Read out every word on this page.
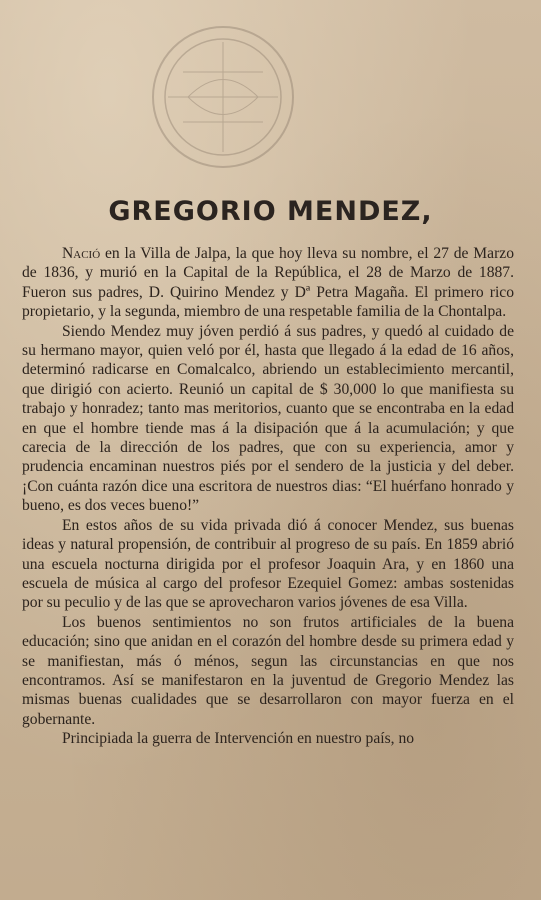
GREGORIO MENDEZ,

Nació en la Villa de Jalpa, la que hoy lleva su nombre, el 27 de Marzo de 1836, y murió en la Capital de la República, el 28 de Marzo de 1887. Fueron sus padres, D. Quirino Mendez y Dª Petra Magaña. El primero rico propietario, y la segunda, miembro de una respetable familia de la Chontalpa.

Siendo Mendez muy jóven perdió á sus padres, y quedó al cuidado de su hermano mayor, quien veló por él, hasta que llegado á la edad de 16 años, determinó radicarse en Comalcalco, abriendo un establecimiento mercantil, que dirigió con acierto. Reunió un capital de $ 30,000 lo que manifiesta su trabajo y honradez; tanto mas meritorios, cuanto que se encontraba en la edad en que el hombre tiende mas á la disipación que á la acumulación; y que carecia de la dirección de los padres, que con su experiencia, amor y prudencia encaminan nuestros piés por el sendero de la justicia y del deber. ¡Con cuánta razón dice una escritora de nuestros dias: “El huérfano honrado y bueno, es dos veces bueno!”

En estos años de su vida privada dió á conocer Mendez, sus buenas ideas y natural propensión, de contribuir al progreso de su país. En 1859 abrió una escuela nocturna dirigida por el profesor Joaquin Ara, y en 1860 una escuela de música al cargo del profesor Ezequiel Gomez: ambas sostenidas por su peculio y de las que se aprovecharon varios jóvenes de esa Villa.

Los buenos sentimientos no son frutos artificiales de la buena educación; sino que anidan en el corazón del hombre desde su primera edad y se manifiestan, más ó ménos, segun las circunstancias en que nos encontramos. Así se manifestaron en la juventud de Gregorio Mendez las mismas buenas cualidades que se desarrollaron con mayor fuerza en el gobernante.

Principiada la guerra de Intervención en nuestro país, no
